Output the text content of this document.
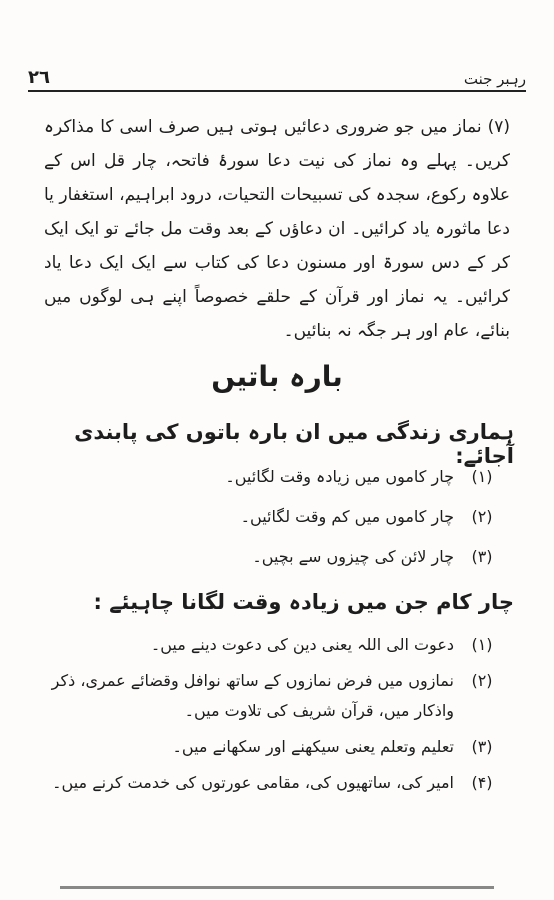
٢٦	رہبر جنت
(۷) نماز میں جو ضروری دعائیں ہوتی ہیں صرف اسی کا مذاکرہ کریں۔ پہلے وہ نماز کی نیت دعا سورۂ فاتحہ، چار قل اس کے علاوہ رکوع، سجدہ کی تسبیحات التحیات، درود ابراہیم، استغفار یا دعا ماثورہ یاد کرائیں۔ ان دعاؤں کے بعد وقت مل جائے تو ایک ایک کر کے دس سورۃ اور مسنون دعا کی کتاب سے ایک ایک دعا یاد کرائیں۔ یہ نماز اور قرآن کے حلقے خصوصاً اپنے ہی لوگوں میں بنائے، عام اور ہر جگہ نہ بنائیں۔
بارہ باتیں
ہماری زندگی میں ان بارہ باتوں کی پابندی آجائے:
(۱)
چار کاموں میں زیادہ وقت لگائیں۔
(۲)
چار کاموں میں کم وقت لگائیں۔
(۳)
چار لائن کی چیزوں سے بچیں۔
چار کام جن میں زیادہ وقت لگانا چاہیئے :
(۱)
دعوت الی اللہ یعنی دین کی دعوت دینے میں۔
(۲)
نمازوں میں فرض نمازوں کے ساتھ نوافل وقضائے عمری، ذکر واذکار میں، قرآن شریف کی تلاوت میں۔
(۳)
تعلیم وتعلم یعنی سیکھنے اور سکھانے میں۔
(۴)
امیر کی، ساتھیوں کی، مقامی عورتوں کی خدمت کرنے میں۔
